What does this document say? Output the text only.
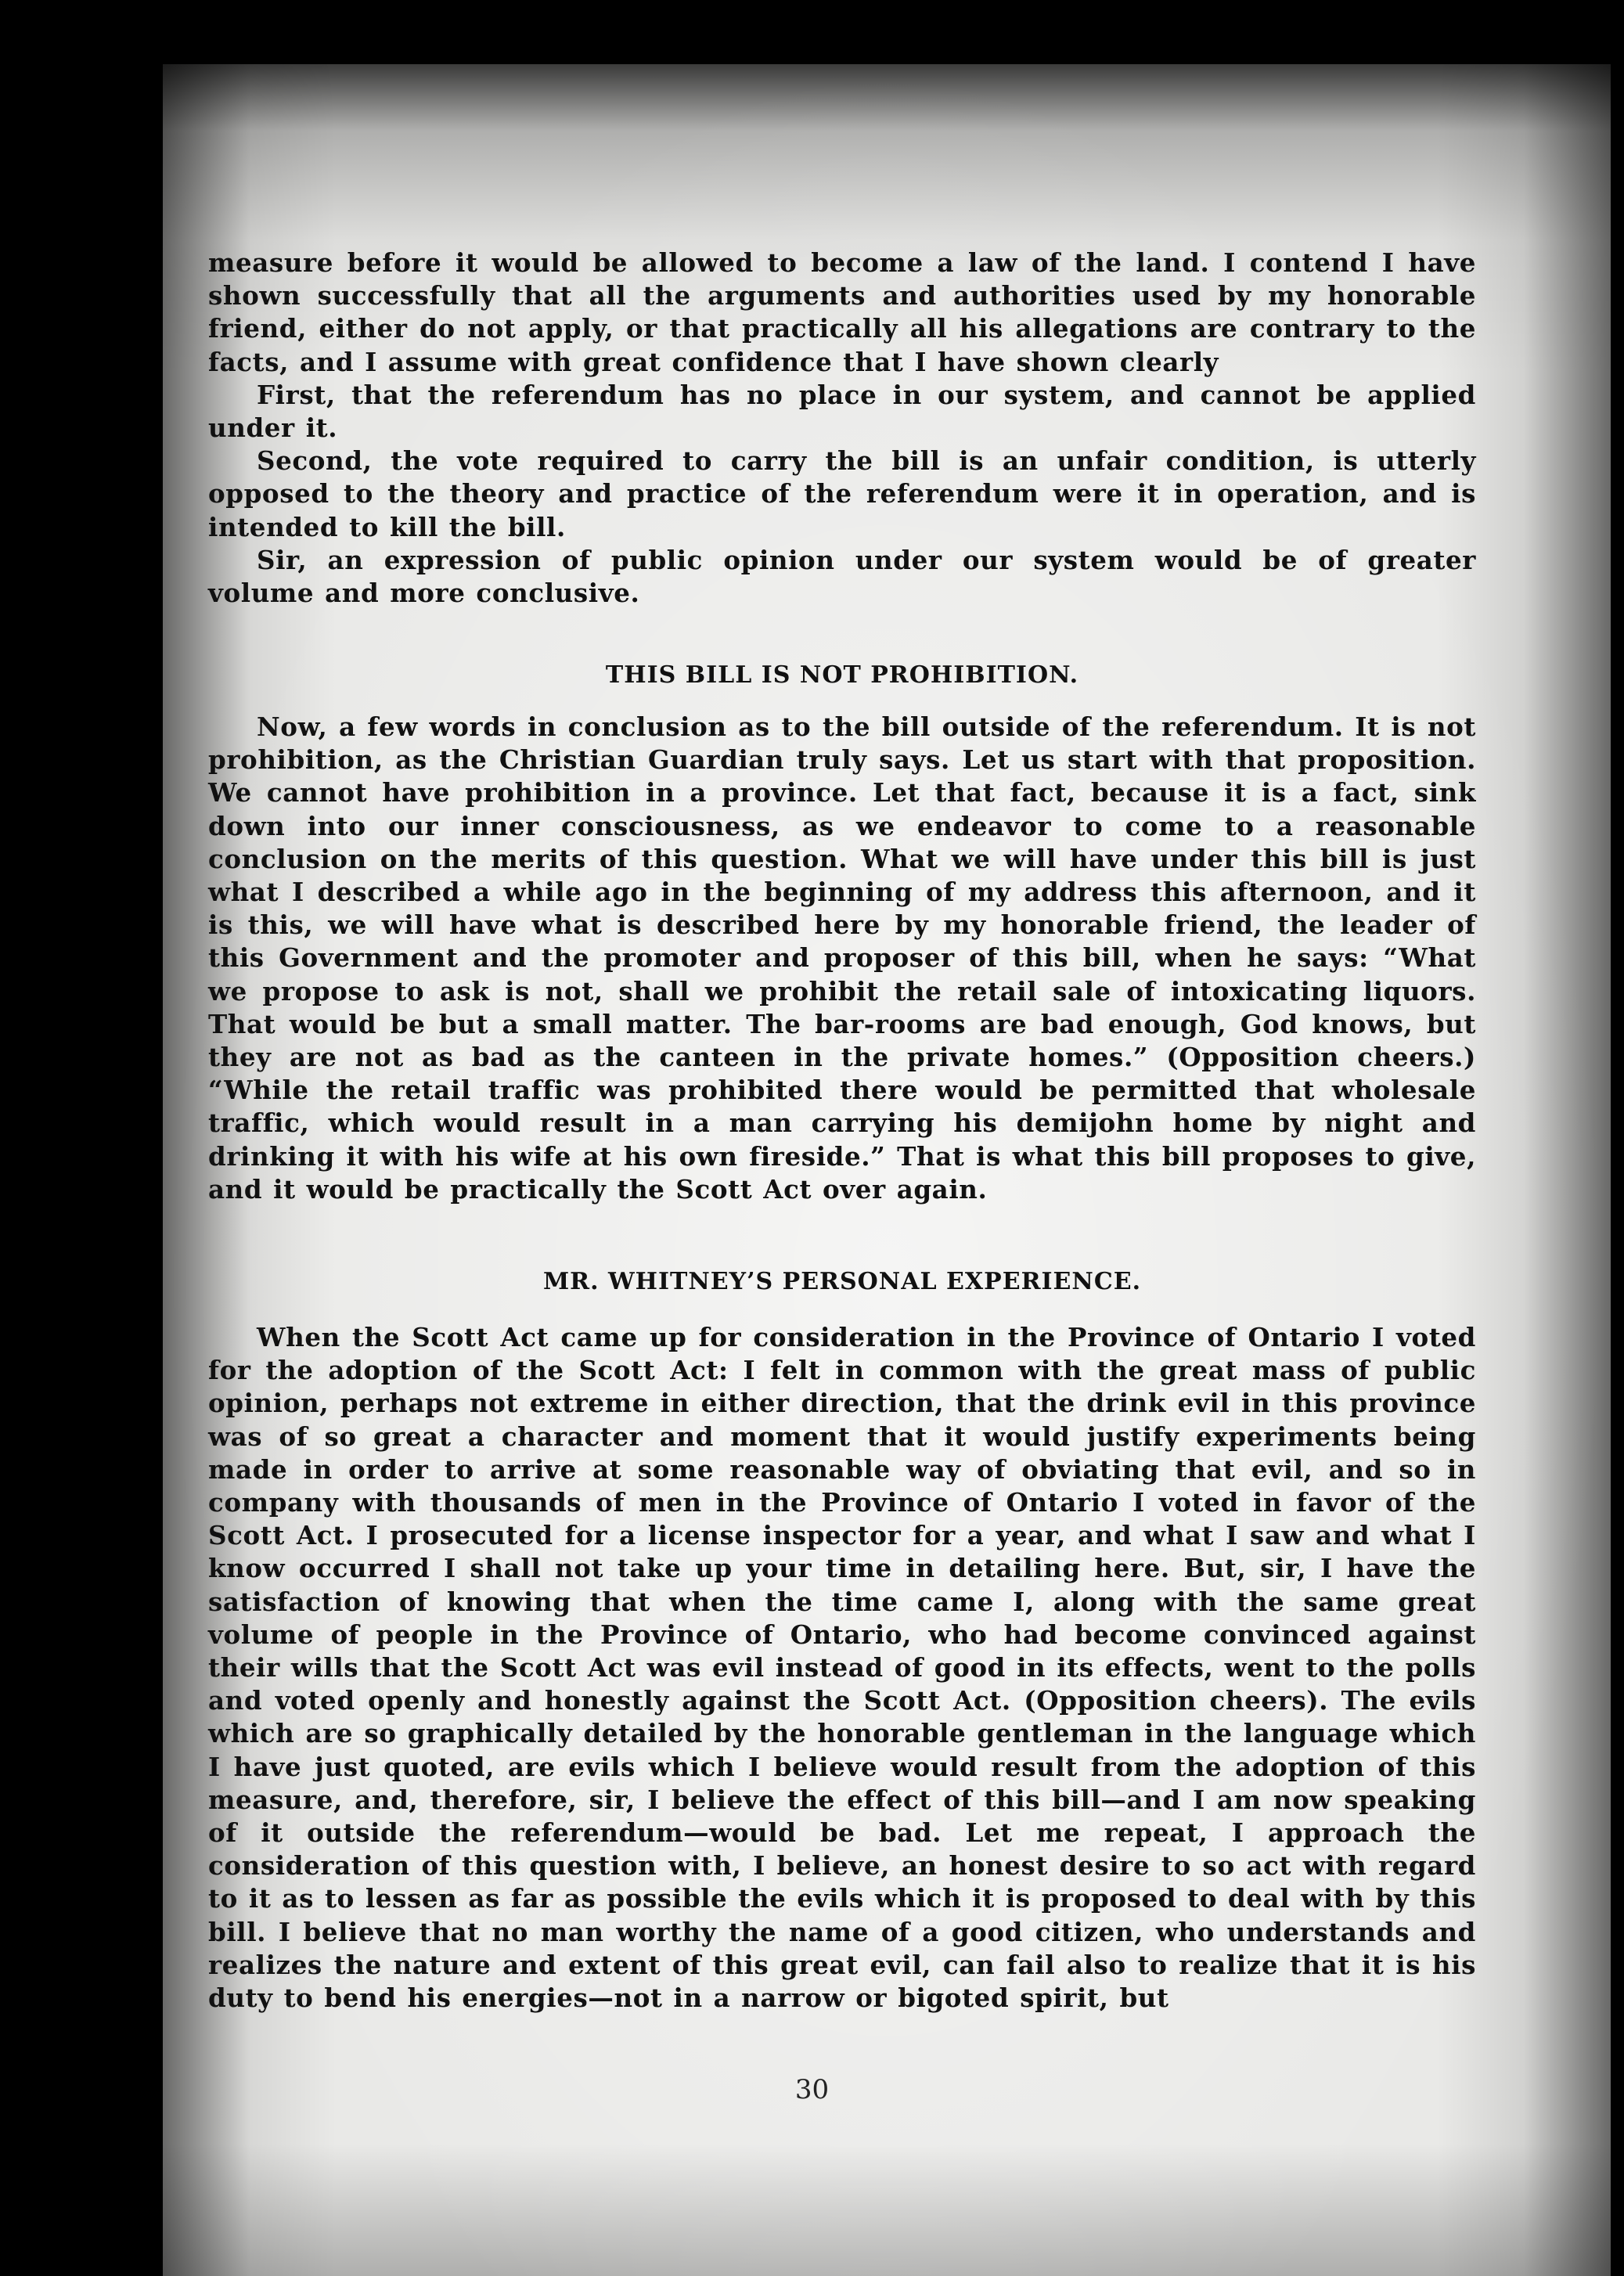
measure before it would be allowed to become a law of the land. I contend I have shown successfully that all the arguments and authorities used by my honorable friend, either do not apply, or that practically all his allegations are contrary to the facts, and I assume with great confidence that I have shown clearly

First, that the referendum has no place in our system, and cannot be applied under it.

Second, the vote required to carry the bill is an unfair condition, is utterly opposed to the theory and practice of the referendum were it in operation, and is intended to kill the bill.

Sir, an expression of public opinion under our system would be of greater volume and more conclusive.

THIS BILL IS NOT PROHIBITION.

Now, a few words in conclusion as to the bill outside of the referendum. It is not prohibition, as the Christian Guardian truly says. Let us start with that proposition. We cannot have prohibition in a province. Let that fact, because it is a fact, sink down into our inner consciousness, as we endeavor to come to a reasonable conclusion on the merits of this question. What we will have under this bill is just what I described a while ago in the beginning of my address this afternoon, and it is this, we will have what is described here by my honorable friend, the leader of this Government and the promoter and proposer of this bill, when he says: “What we propose to ask is not, shall we prohibit the retail sale of intoxicating liquors. That would be but a small matter. The bar-rooms are bad enough, God knows, but they are not as bad as the canteen in the private homes.” (Opposition cheers.) “While the retail traffic was prohibited there would be permitted that wholesale traffic, which would result in a man carrying his demijohn home by night and drinking it with his wife at his own fireside.” That is what this bill proposes to give, and it would be practically the Scott Act over again.

MR. WHITNEY’S PERSONAL EXPERIENCE.

When the Scott Act came up for consideration in the Province of Ontario I voted for the adoption of the Scott Act: I felt in common with the great mass of public opinion, perhaps not extreme in either direction, that the drink evil in this province was of so great a character and moment that it would justify experiments being made in order to arrive at some reasonable way of obviating that evil, and so in company with thousands of men in the Province of Ontario I voted in favor of the Scott Act. I prosecuted for a license inspector for a year, and what I saw and what I know occurred I shall not take up your time in detailing here. But, sir, I have the satisfaction of knowing that when the time came I, along with the same great volume of people in the Province of Ontario, who had become convinced against their wills that the Scott Act was evil instead of good in its effects, went to the polls and voted openly and honestly against the Scott Act. (Opposition cheers). The evils which are so graphically detailed by the honorable gentleman in the language which I have just quoted, are evils which I believe would result from the adoption of this measure, and, therefore, sir, I believe the effect of this bill—and I am now speaking of it outside the referendum—would be bad. Let me repeat, I approach the consideration of this question with, I believe, an honest desire to so act with regard to it as to lessen as far as possible the evils which it is proposed to deal with by this bill. I believe that no man worthy the name of a good citizen, who understands and realizes the nature and extent of this great evil, can fail also to realize that it is his duty to bend his energies—not in a narrow or bigoted spirit, but

30
